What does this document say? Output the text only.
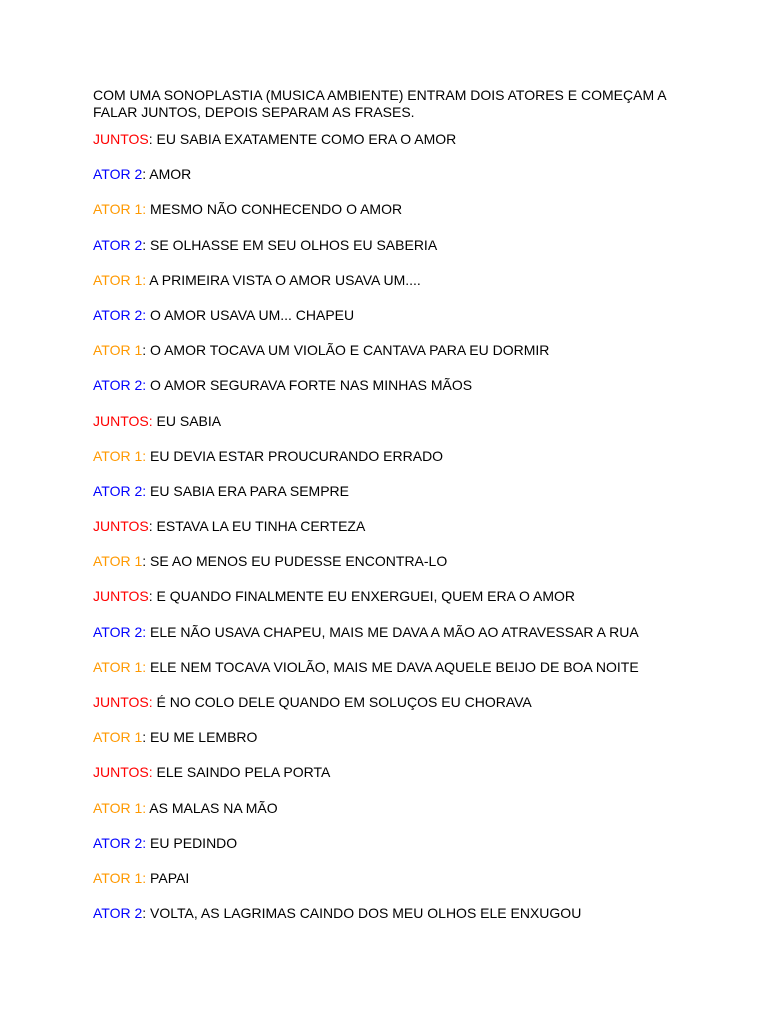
COM UMA SONOPLASTIA (MUSICA AMBIENTE) ENTRAM DOIS ATORES E COMEÇAM A FALAR JUNTOS, DEPOIS SEPARAM AS FRASES.

JUNTOS: EU SABIA EXATAMENTE COMO ERA O AMOR
ATOR 2: AMOR
ATOR 1: MESMO NÃO CONHECENDO O AMOR
ATOR 2: SE OLHASSE EM SEU OLHOS EU SABERIA
ATOR 1: A PRIMEIRA VISTA O AMOR USAVA UM....
ATOR 2: O AMOR USAVA UM... CHAPEU
ATOR 1: O AMOR TOCAVA UM VIOLÃO E CANTAVA PARA EU DORMIR
ATOR 2: O AMOR SEGURAVA FORTE NAS MINHAS MÃOS
JUNTOS: EU SABIA
ATOR 1: EU DEVIA ESTAR PROUCURANDO ERRADO
ATOR 2: EU SABIA ERA PARA SEMPRE
JUNTOS: ESTAVA LA EU TINHA CERTEZA
ATOR 1: SE AO MENOS EU PUDESSE ENCONTRA-LO
JUNTOS: E QUANDO FINALMENTE EU ENXERGUEI, QUEM ERA O AMOR
ATOR 2: ELE NÃO USAVA CHAPEU, MAIS ME DAVA A MÃO AO ATRAVESSAR A RUA
ATOR 1: ELE NEM TOCAVA VIOLÃO, MAIS ME DAVA AQUELE BEIJO DE BOA NOITE
JUNTOS: É NO COLO DELE QUANDO EM SOLUÇOS EU CHORAVA
ATOR 1: EU ME LEMBRO
JUNTOS: ELE SAINDO PELA PORTA
ATOR 1: AS MALAS NA MÃO
ATOR 2: EU PEDINDO
ATOR 1: PAPAI
ATOR 2: VOLTA, AS LAGRIMAS CAINDO DOS MEU OLHOS ELE ENXUGOU
